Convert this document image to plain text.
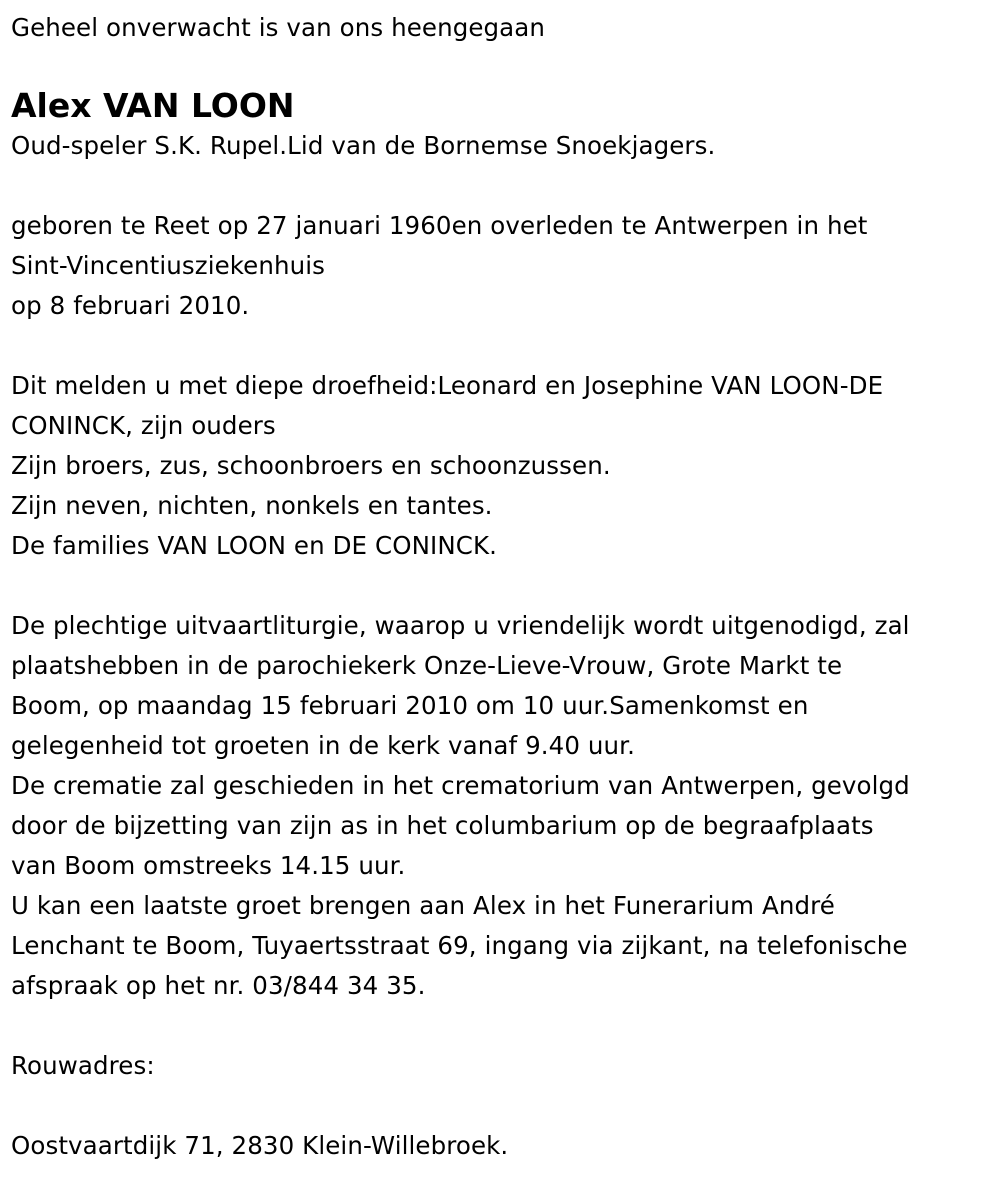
Geheel onverwacht is van ons heengegaan
Alex VAN LOON
Oud-speler S.K. Rupel.Lid van de Bornemse Snoekjagers.
geboren te Reet op 27 januari 1960en overleden te Antwerpen in het
Sint-Vincentiusziekenhuis
op 8 februari 2010.
Dit melden u met diepe droefheid:Leonard en Josephine VAN LOON-DE
CONINCK, zijn ouders
Zijn broers, zus, schoonbroers en schoonzussen.
Zijn neven, nichten, nonkels en tantes.
De families VAN LOON en DE CONINCK.
De plechtige uitvaartliturgie, waarop u vriendelijk wordt uitgenodigd, zal
plaatshebben in de parochiekerk Onze-Lieve-Vrouw, Grote Markt te
Boom, op maandag 15 februari 2010 om 10 uur.Samenkomst en
gelegenheid tot groeten in de kerk vanaf 9.40 uur.
De crematie zal geschieden in het crematorium van Antwerpen, gevolgd
door de bijzetting van zijn as in het columbarium op de begraafplaats
van Boom omstreeks 14.15 uur.
U kan een laatste groet brengen aan Alex in het Funerarium André
Lenchant te Boom, Tuyaertsstraat 69, ingang via zijkant, na telefonische
afspraak op het nr. 03/844 34 35.
Rouwadres:
Oostvaartdijk 71, 2830 Klein-Willebroek.
